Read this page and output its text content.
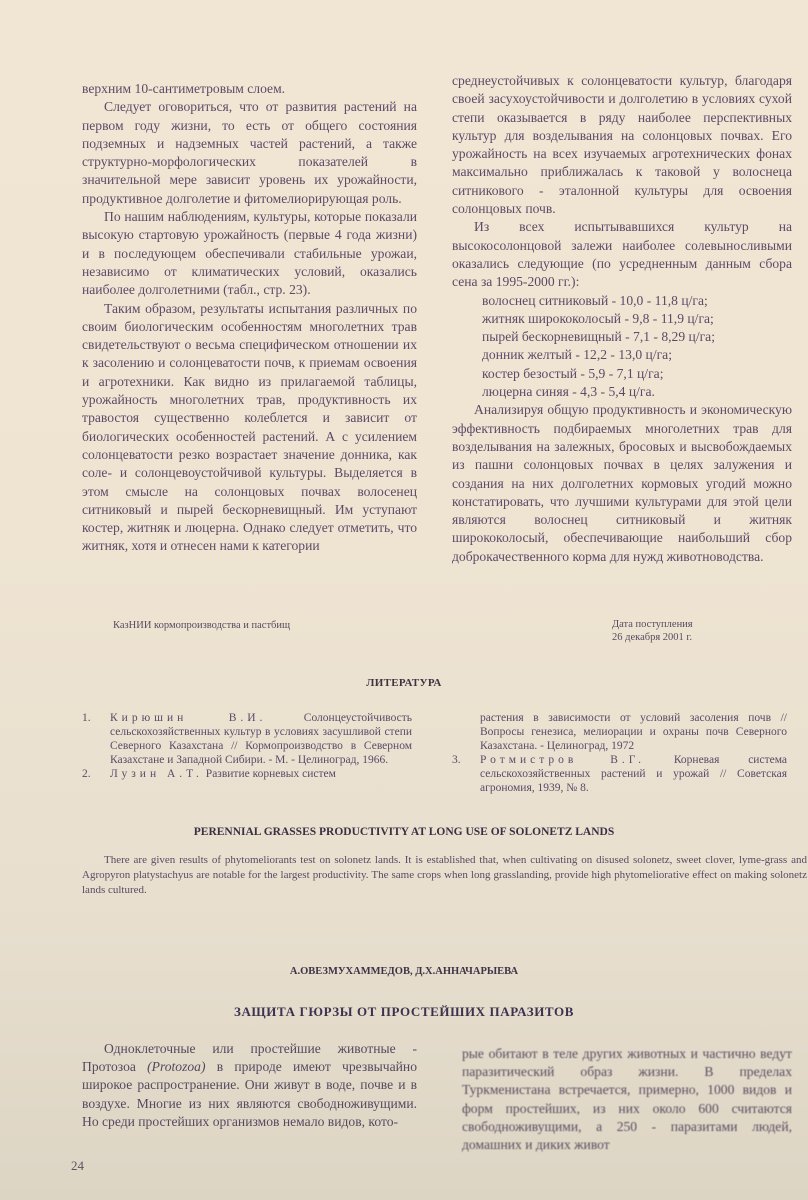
верхним 10-сантиметровым слоем.

Следует оговориться, что от развития растений на первом году жизни, то есть от общего состояния подземных и надземных частей растений, а также структурно-морфологических показателей в значительной мере зависит уровень их урожайности, продуктивное долголетие и фитомелиорирующая роль.

По нашим наблюдениям, культуры, которые показали высокую стартовую урожайность (первые 4 года жизни) и в последующем обеспечивали стабильные урожаи, независимо от климатических условий, оказались наиболее долголетними (табл., стр. 23).

Таким образом, результаты испытания различных по своим биологическим особенностям многолетних трав свидетельствуют о весьма специфическом отношении их к засолению и солонцеватости почв, к приемам освоения и агротехники. Как видно из прилагаемой таблицы, урожайность многолетних трав, продуктивность их травостоя существенно колеблется и зависит от биологических особенностей растений. А с усилением солонцеватости резко возрастает значение донника, как соле- и солонцевоустойчивой культуры. Выделяется в этом смысле на солонцовых почвах волосенец ситниковый и пырей бескорневищный. Им уступают костер, житняк и люцерна. Однако следует отметить, что житняк, хотя и отнесен нами к категории

среднеустойчивых к солонцеватости культур, благодаря своей засухоустойчивости и долголетию в условиях сухой степи оказывается в ряду наиболее перспективных культур для возделывания на солонцовых почвах. Его урожайность на всех изучаемых агротехнических фонах максимально приближалась к таковой у волоснеца ситникового - эталонной культуры для освоения солонцовых почв.

Из всех испытывавшихся культур на высокосолонцовой залежи наиболее солевыносливыми оказались следующие (по усредненным данным сбора сена за 1995-2000 гг.):

волоснец ситниковый - 10,0 - 11,8 ц/га;
житняк ширококолосый - 9,8 - 11,9 ц/га;
пырей бескорневищный - 7,1 - 8,29 ц/га;
донник желтый - 12,2 - 13,0 ц/га;
костер безостый - 5,9 - 7,1 ц/га;
люцерна синяя - 4,3 - 5,4 ц/га.

Анализируя общую продуктивность и экономическую эффективность подбираемых многолетних трав для возделывания на залежных, бросовых и высвобождаемых из пашни солонцовых почвах в целях залужения и создания на них долголетних кормовых угодий можно констатировать, что лучшими культурами для этой цели являются волоснец ситниковый и житняк ширококолосый, обеспечивающие наибольший сбор доброкачественного корма для нужд животноводства.

КазНИИ кормопроизводства и пастбищ	Дата поступления
26 декабря 2001 г.
ЛИТЕРАТУРА
1.	Кирюшин В.И.	Солонцеустойчивость сельскохозяйственных культур в условиях засушливой степи Северного Казахстана // Кормопроизводство в Северном Казахстане и Западной Сибири. - М. - Целиноград, 1966.
2.	Лузин А.Т. Развитие корневых систем
растения в зависимости от условий засоления почв // Вопросы генезиса, мелиорации и охраны почв Северного Казахстана. - Целиноград, 1972
3.	Ротмистров В.Г.	Корневая система сельскохозяйственных растений и урожай // Советская агрономия, 1939, № 8.
PERENNIAL GRASSES PRODUCTIVITY AT LONG USE OF SOLONETZ LANDS

There are given results of phytomeliorants test on solonetz lands. It is established that, when cultivating on disused solonetz, sweet clover, lyme-grass and Agropyron platystachyus are notable for the largest productivity. The same crops when long grasslanding, provide high phytomeliorative effect on making solonetz lands cultured.

А.ОВЕЗМУХАММЕДОВ, Д.Х.АННАЧАРЫЕВА
ЗАЩИТА ГЮРЗЫ ОТ ПРОСТЕЙШИХ ПАРАЗИТОВ

Одноклеточные или простейшие животные - Протозоа (Protozoa) в природе имеют чрезвычайно широкое распространение. Они живут в воде, почве и в воздухе. Многие из них являются свободноживущими. Но среди простейших организмов немало видов, кото-

рые обитают в теле других животных и частично ведут паразитический образ жизни. В пределах Туркменистана встречается, примерно, 1000 видов и форм простейших, из них около 600 считаются свободноживущими, а 250 - паразитами людей, домашних и диких живот

24
